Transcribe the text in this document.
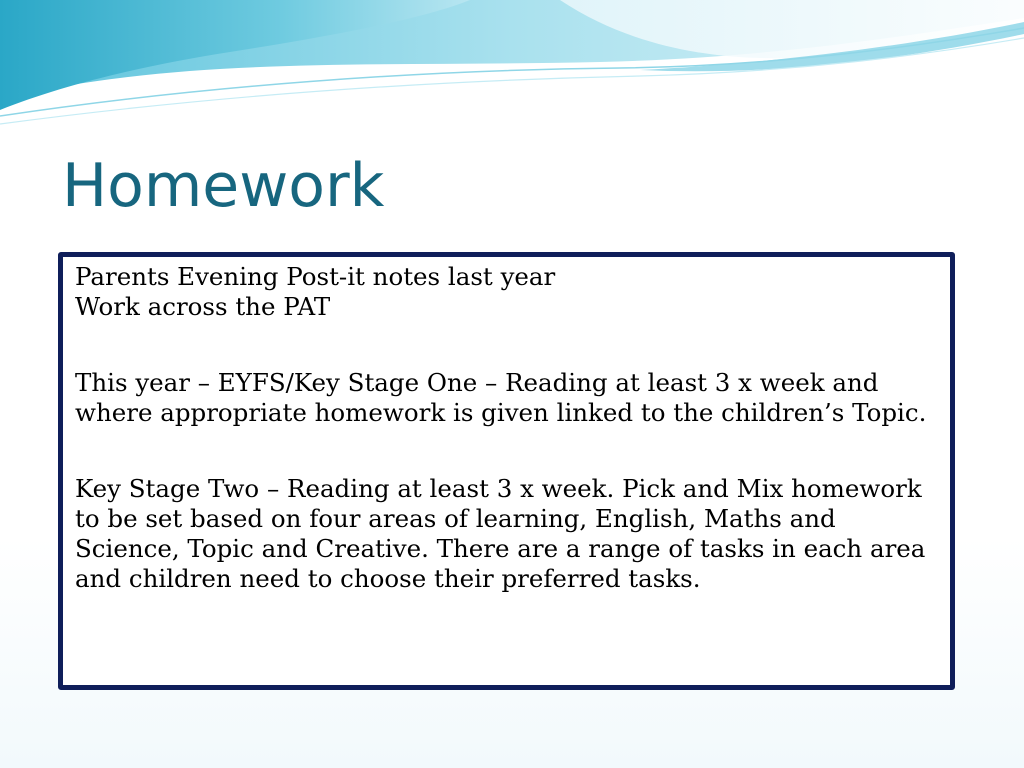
Homework

Parents Evening Post-it notes last year

Work across the PAT

This year – EYFS/Key Stage One – Reading at least 3 x week and where appropriate homework is given linked to the children’s Topic.

Key Stage Two – Reading at least 3 x week. Pick and Mix homework to be set based on four areas of learning, English, Maths and Science, Topic and Creative. There are a range of tasks in each area and children need to choose their preferred tasks.
